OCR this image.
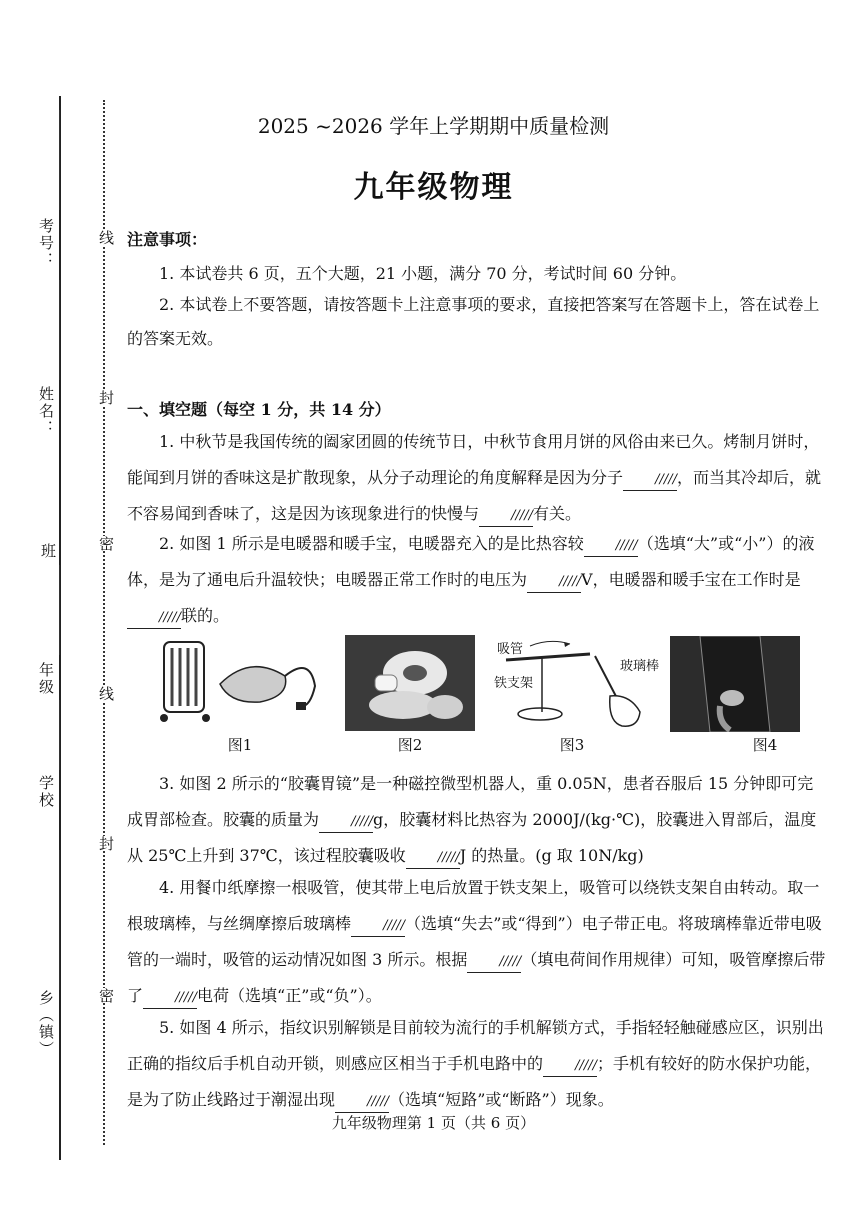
考号：
姓名：
班
年级
学校
乡（镇）
线
封
密
线
封
密
2025 ~2026 学年上学期期中质量检测
九年级物理
注意事项：
1. 本试卷共 6 页，五个大题，21 小题，满分 70 分，考试时间 60 分钟。
2. 本试卷上不要答题，请按答题卡上注意事项的要求，直接把答案写在答题卡上，答在试卷上的答案无效。
一、填空题（每空 1 分，共 14 分）
1. 中秋节是我国传统的阖家团圆的传统节日，中秋节食用月饼的风俗由来已久。烤制月饼时，能闻到月饼的香味这是扩散现象，从分子动理论的角度解释是因为分子 /////，而当其冷却后，就不容易闻到香味了，这是因为该现象进行的快慢与 /////有关。
2. 如图 1 所示是电暖器和暖手宝，电暖器充入的是比热容较 /////（选填“大”或“小”）的液体，是为了通电后升温较快；电暖器正常工作时的电压为 /////V，电暖器和暖手宝在工作时是/////联的。
图1	图2
吸管
玻璃棒
铁支架
图3	图4
3. 如图 2 所示的“胶囊胃镜”是一种磁控微型机器人，重 0.05N，患者吞服后 15 分钟即可完成胃部检查。胶囊的质量为 /////g，胶囊材料比热容为 2000J/(kg·℃)，胶囊进入胃部后，温度从 25℃上升到 37℃，该过程胶囊吸收 /////J 的热量。(g 取 10N/kg)
4. 用餐巾纸摩擦一根吸管，使其带上电后放置于铁支架上，吸管可以绕铁支架自由转动。取一根玻璃棒，与丝绸摩擦后玻璃棒 /////（选填“失去”或“得到”）电子带正电。将玻璃棒靠近带电吸管的一端时，吸管的运动情况如图 3 所示。根据 /////（填电荷间作用规律）可知，吸管摩擦后带了 /////电荷（选填“正”或“负”）。
5. 如图 4 所示，指纹识别解锁是目前较为流行的手机解锁方式，手指轻轻触碰感应区，识别出正确的指纹后手机自动开锁，则感应区相当于手机电路中的 /////；手机有较好的防水保护功能，是为了防止线路过于潮湿出现 /////（选填“短路”或“断路”）现象。
九年级物理第 1 页（共 6 页）
